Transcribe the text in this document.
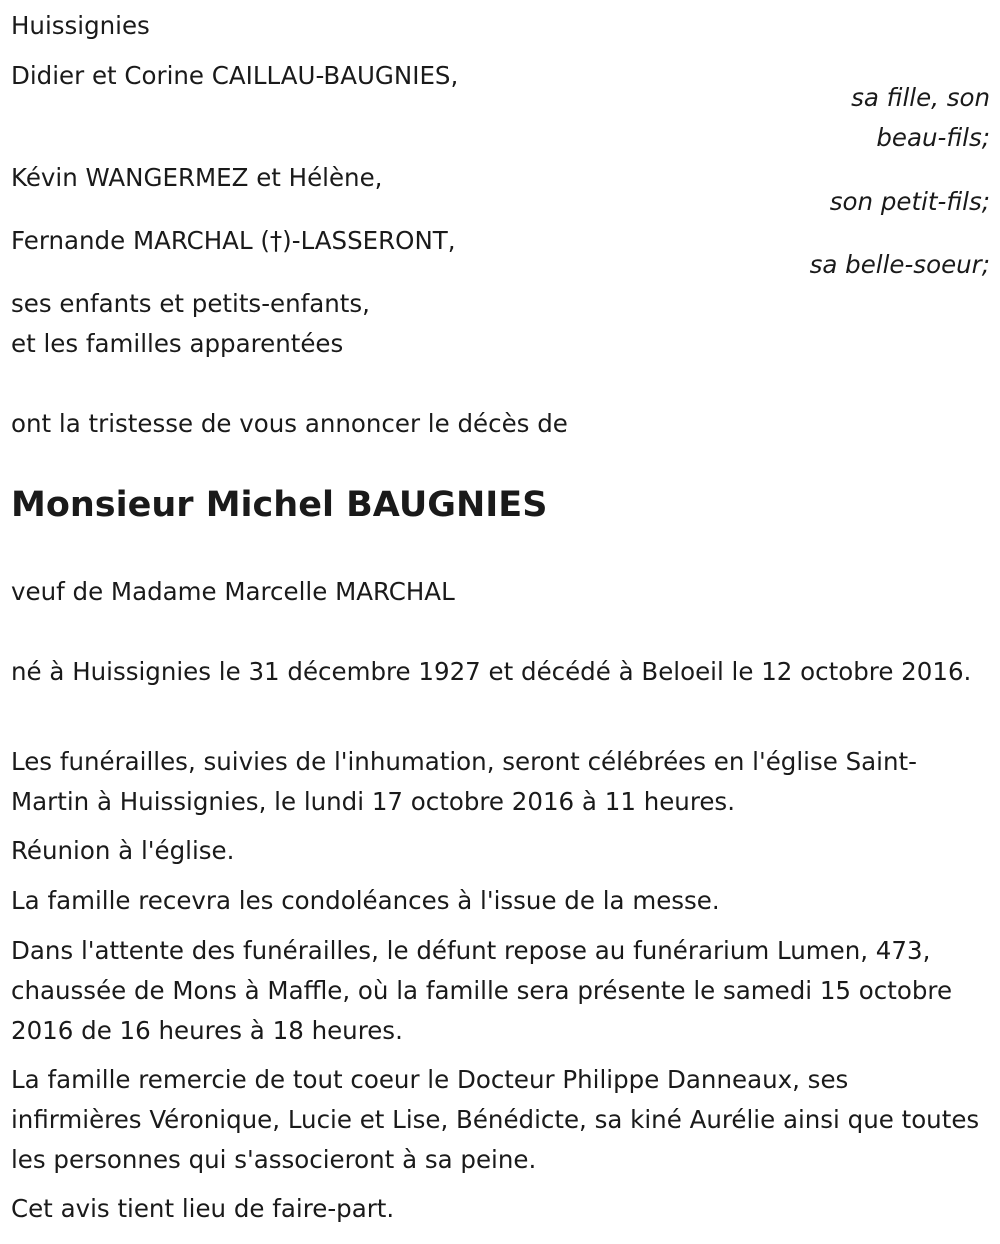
Huissignies
Didier et Corine CAILLAU-BAUGNIES,
sa fille, son
beau-fils;
Kévin WANGERMEZ et Hélène,
son petit-fils;
Fernande MARCHAL (†)-LASSERONT,
sa belle-soeur;
ses enfants et petits-enfants,
et les familles apparentées
ont la tristesse de vous annoncer le décès de
Monsieur Michel BAUGNIES
veuf de Madame Marcelle MARCHAL
né à Huissignies le 31 décembre 1927 et décédé à Beloeil le 12 octobre 2016.
Les funérailles, suivies de l'inhumation, seront célébrées en l'église Saint-Martin à Huissignies, le lundi 17 octobre 2016 à 11 heures.
Réunion à l'église.
La famille recevra les condoléances à l'issue de la messe.
Dans l'attente des funérailles, le défunt repose au funérarium Lumen, 473, chaussée de Mons à Maffle, où la famille sera présente le samedi 15 octobre 2016 de 16 heures à 18 heures.
La famille remercie de tout coeur le Docteur Philippe Danneaux, ses infirmières Véronique, Lucie et Lise, Bénédicte, sa kiné Aurélie ainsi que toutes les personnes qui s'associeront à sa peine.
Cet avis tient lieu de faire-part.
